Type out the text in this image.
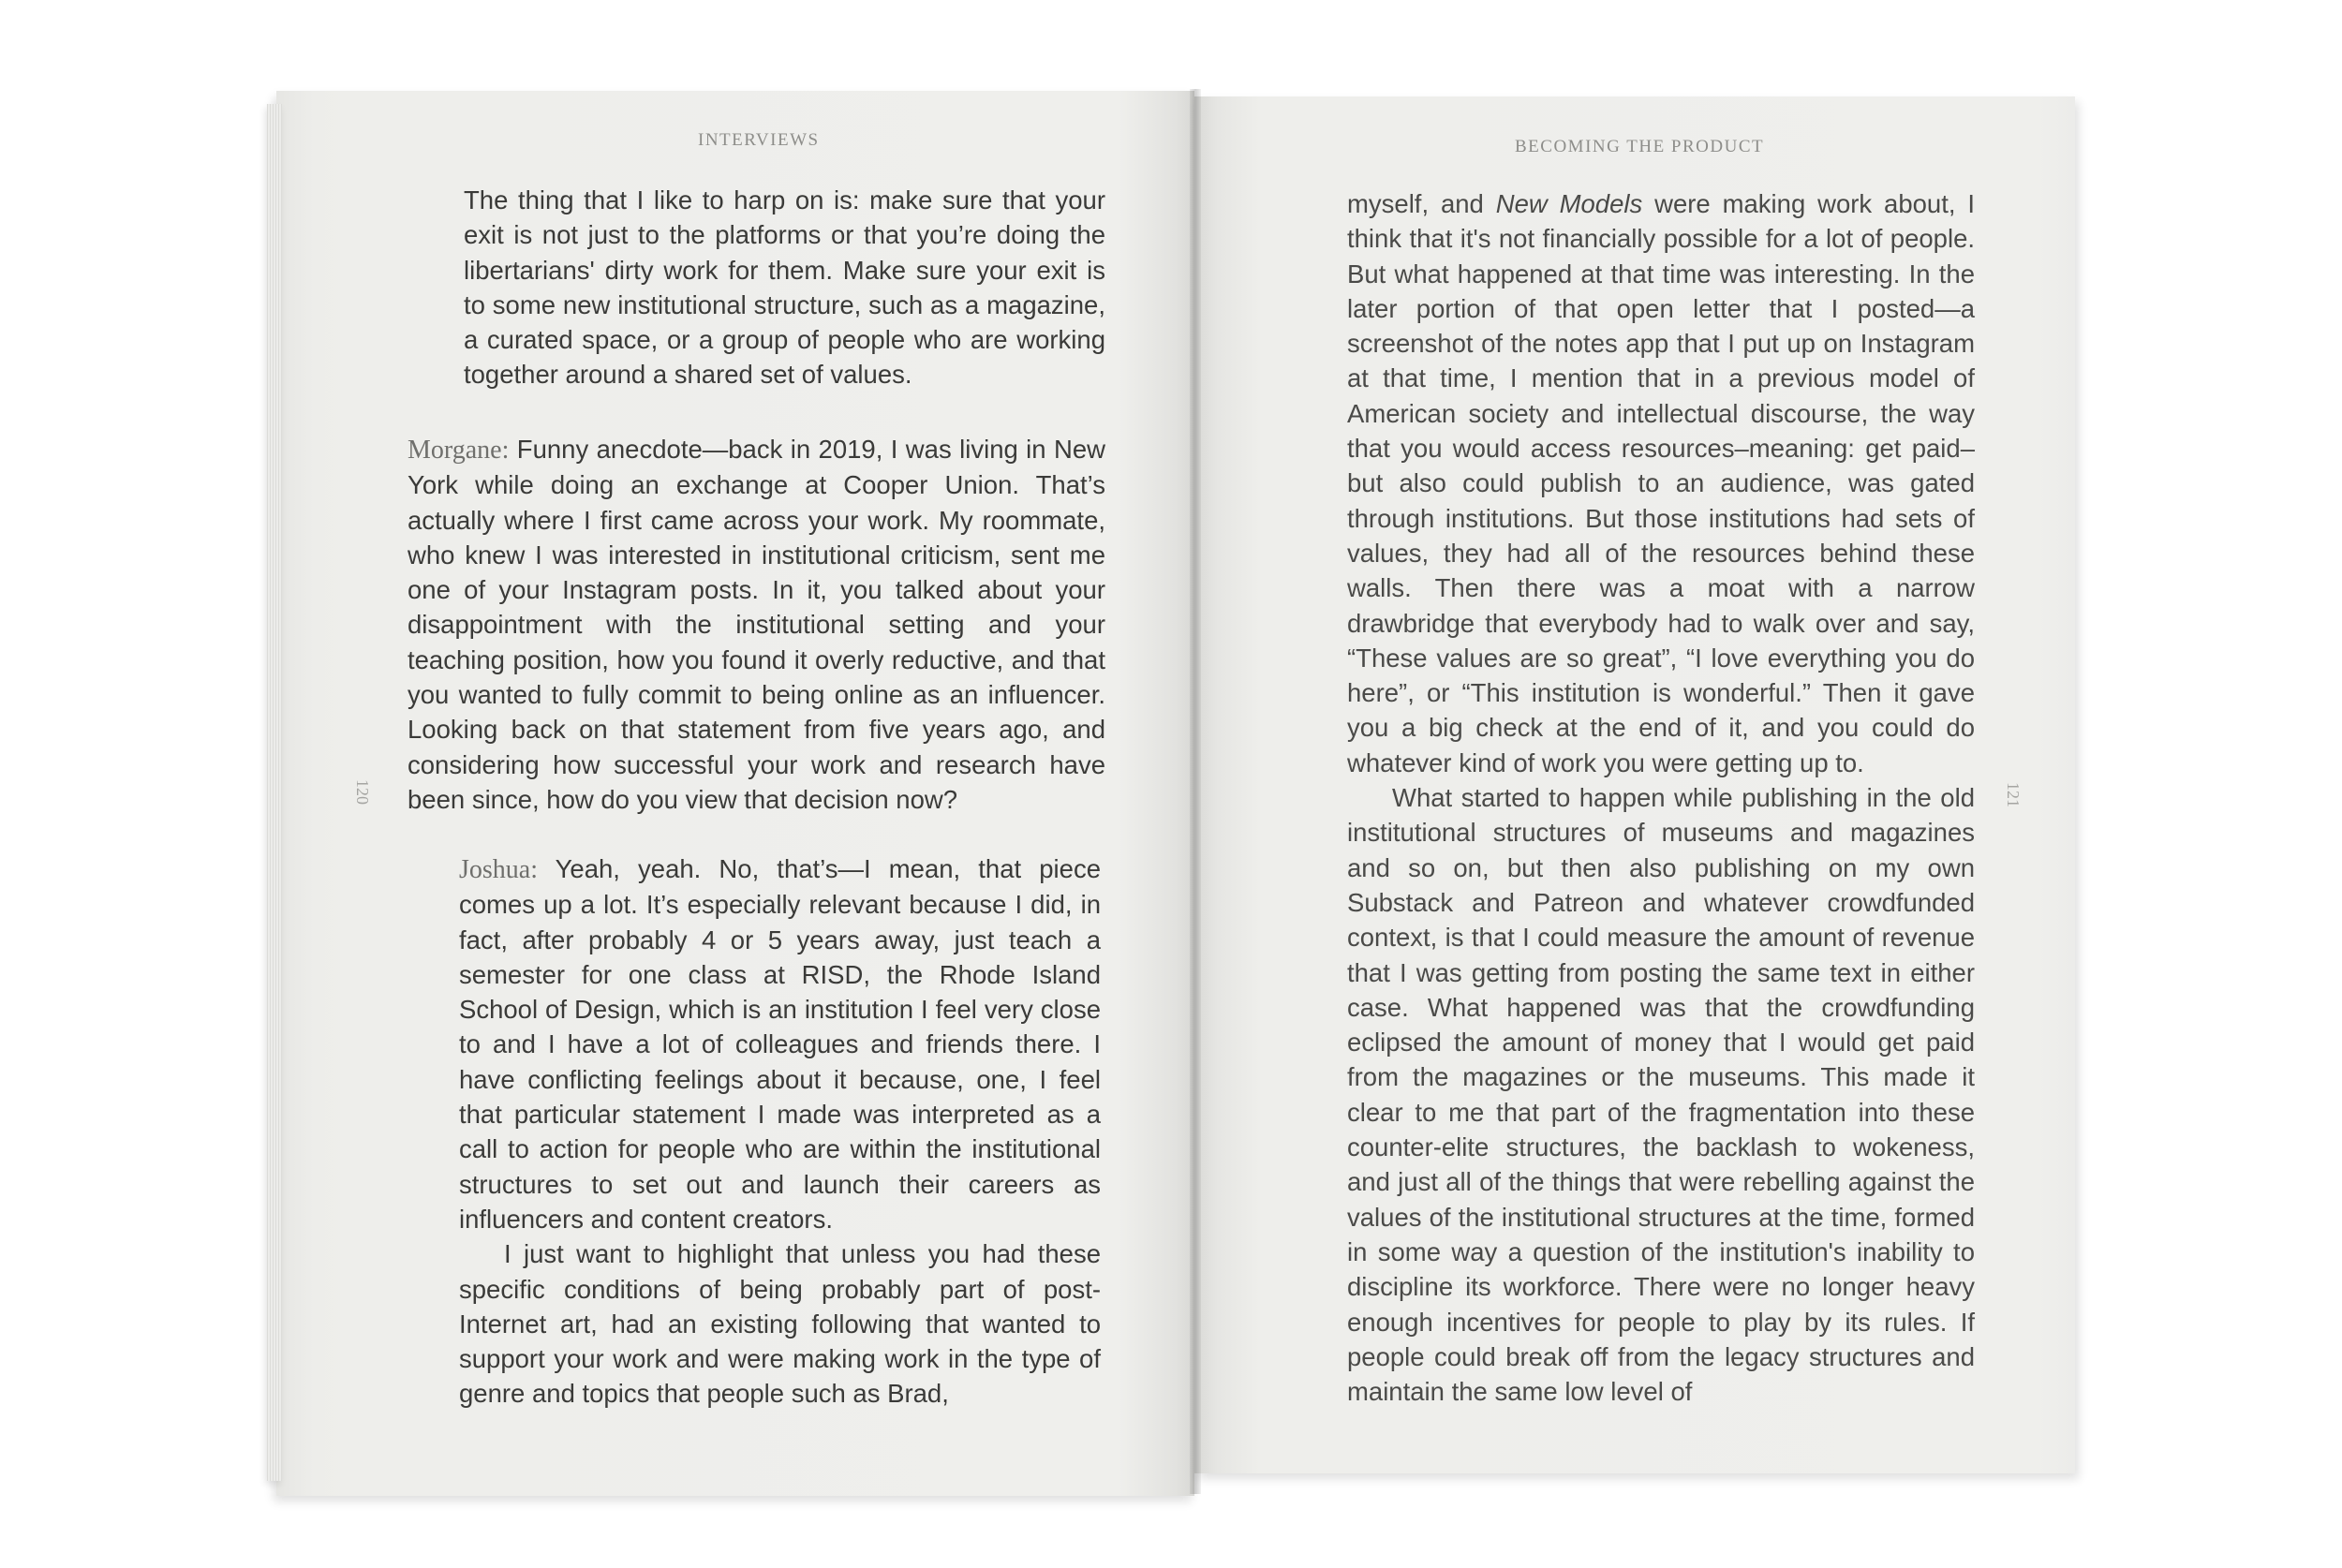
INTERVIEWS
120

The thing that I like to harp on is: make sure that your exit is not just to the platforms or that you’re doing the libertarians' dirty work for them. Make sure your exit is to some new institutional structure, such as a magazine, a curated space, or a group of people who are working together around a shared set of values.

Morgane: Funny anecdote—back in 2019, I was living in New York while doing an exchange at Cooper Union. That’s actually where I first came across your work. My roommate, who knew I was interested in institutional criticism, sent me one of your Instagram posts. In it, you talked about your disappointment with the institutional setting and your teaching position, how you found it overly reductive, and that you wanted to fully commit to being online as an influencer. Looking back on that statement from five years ago, and considering how successful your work and research have been since, how do you view that decision now?

Joshua: Yeah, yeah. No, that’s—I mean, that piece comes up a lot. It’s especially relevant because I did, in fact, after probably 4 or 5 years away, just teach a semester for one class at RISD, the Rhode Island School of Design, which is an institution I feel very close to and I have a lot of colleagues and friends there. I have conflicting feelings about it because, one, I feel that particular statement I made was interpreted as a call to action for people who are within the institutional structures to set out and launch their careers as influencers and content creators.

I just want to highlight that unless you had these specific conditions of being probably part of post-Internet art, had an existing following that wanted to support your work and were making work in the type of genre and topics that people such as Brad,

BECOMING THE PRODUCT
121

myself, and New Models were making work about, I think that it's not financially possible for a lot of people. But what happened at that time was interesting. In the later portion of that open letter that I posted—a screenshot of the notes app that I put up on Instagram at that time, I mention that in a previous model of American society and intellectual discourse, the way that you would access resources–meaning: get paid– but also could publish to an audience, was gated through institutions. But those institutions had sets of values, they had all of the resources behind these walls. Then there was a moat with a narrow drawbridge that everybody had to walk over and say, “These values are so great”, “I love everything you do here”, or “This institution is wonderful.” Then it gave you a big check at the end of it, and you could do whatever kind of work you were getting up to.

What started to happen while publishing in the old institutional structures of museums and magazines and so on, but then also publishing on my own Substack and Patreon and whatever crowdfunded context, is that I could measure the amount of revenue that I was getting from posting the same text in either case. What happened was that the crowdfunding eclipsed the amount of money that I would get paid from the magazines or the museums. This made it clear to me that part of the fragmentation into these counter-elite structures, the backlash to wokeness, and just all of the things that were rebelling against the values of the institutional structures at the time, formed in some way a question of the institution's inability to discipline its workforce. There were no longer heavy enough incentives for people to play by its rules. If people could break off from the legacy structures and maintain the same low level of
